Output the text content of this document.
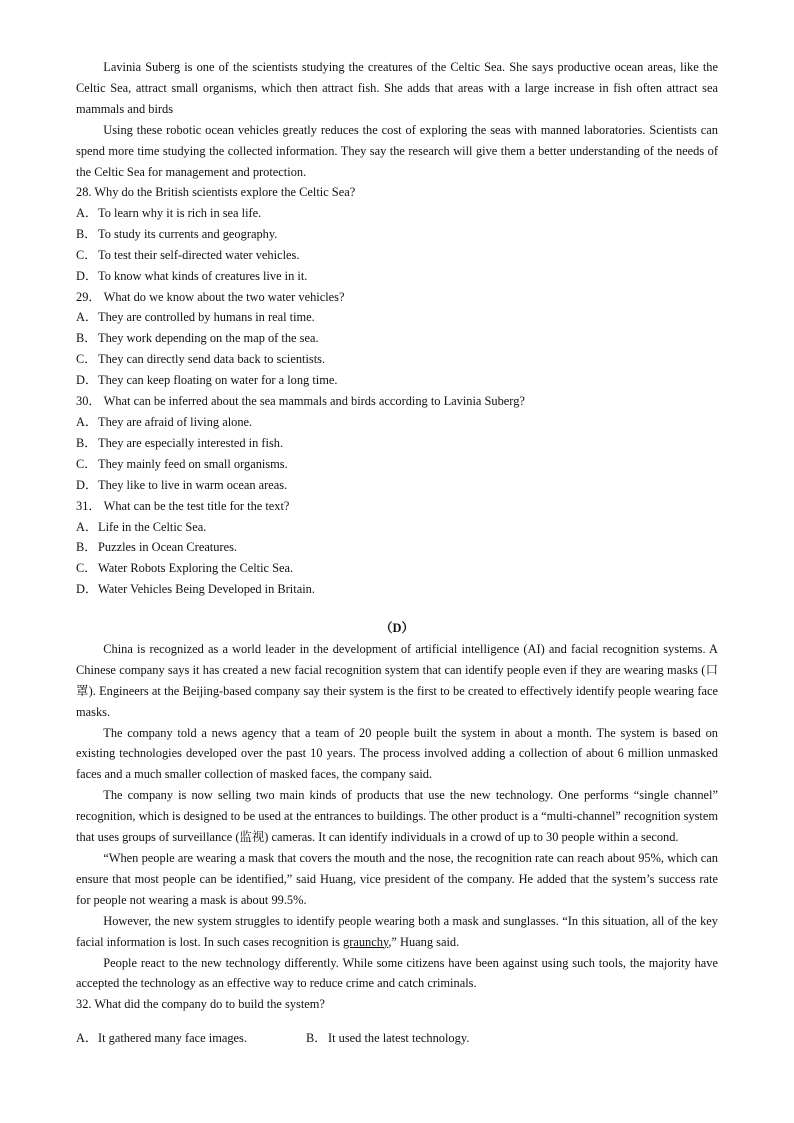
Lavinia Suberg is one of the scientists studying the creatures of the Celtic Sea. She says productive ocean areas, like the Celtic Sea, attract small organisms, which then attract fish. She adds that areas with a large increase in fish often attract sea mammals and birds

Using these robotic ocean vehicles greatly reduces the cost of exploring the seas with manned laboratories. Scientists can spend more time studying the collected information. They say the research will give them a better understanding of the needs of the Celtic Sea for management and protection.

28. Why do the British scientists explore the Celtic Sea?

A．To learn why it is rich in sea life.

B．To study its currents and geography.

C．To test their self-directed water vehicles.

D．To know what kinds of creatures live in it.

29． What do we know about the two water vehicles?

A．They are controlled by humans in real time.

B．They work depending on the map of the sea.

C．They can directly send data back to scientists.

D．They can keep floating on water for a long time.

30． What can be inferred about the sea mammals and birds according to Lavinia Suberg?

A．They are afraid of living alone.

B．They are especially interested in fish.

C．They mainly feed on small organisms.

D．They like to live in warm ocean areas.

31． What can be the test title for the text?

A．Life in the Celtic Sea.

B．Puzzles in Ocean Creatures.

C．Water Robots Exploring the Celtic Sea.

D．Water Vehicles Being Developed in Britain.

（D）

China is recognized as a world leader in the development of artificial intelligence (AI) and facial recognition systems. A Chinese company says it has created a new facial recognition system that can identify people even if they are wearing masks (口罩). Engineers at the Beijing-based company say their system is the first to be created to effectively identify people wearing face masks.

The company told a news agency that a team of 20 people built the system in about a month. The system is based on existing technologies developed over the past 10 years. The process involved adding a collection of about 6 million unmasked faces and a much smaller collection of masked faces, the company said.

The company is now selling two main kinds of products that use the new technology. One performs “single channel” recognition, which is designed to be used at the entrances to buildings. The other product is a “multi-channel” recognition system that uses groups of surveillance (监视) cameras. It can identify individuals in a crowd of up to 30 people within a second.

“When people are wearing a mask that covers the mouth and the nose, the recognition rate can reach about 95%, which can ensure that most people can be identified,” said Huang, vice president of the company. He added that the system’s success rate for people not wearing a mask is about 99.5%.

However, the new system struggles to identify people wearing both a mask and sunglasses. “In this situation, all of the key facial information is lost. In such cases recognition is graunchy,” Huang said.

People react to the new technology differently. While some citizens have been against using such tools, the majority have accepted the technology as an effective way to reduce crime and catch criminals.

32. What did the company do to build the system?

A．It gathered many face images.	B．It used the latest technology.
